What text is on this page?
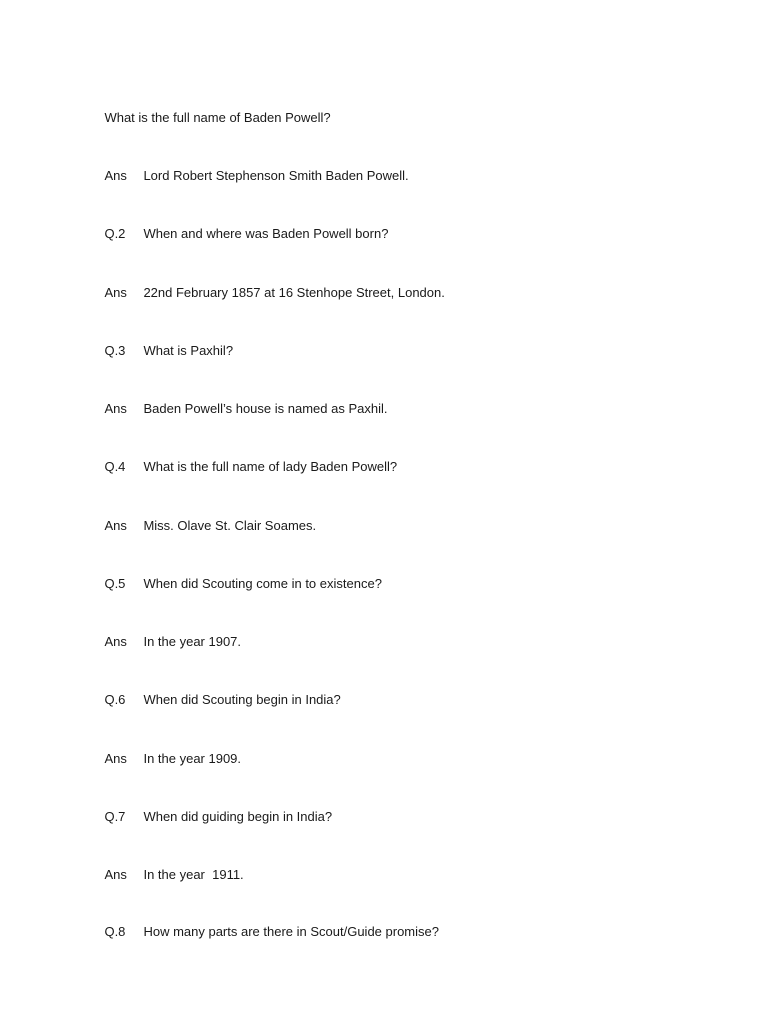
What is the full name of Baden Powell?

Ans Lord Robert Stephenson Smith Baden Powell.

Q.2 When and where was Baden Powell born?

Ans 22nd February 1857 at 16 Stenhope Street, London.

Q.3 What is Paxhil?

Ans Baden Powell’s house is named as Paxhil.

Q.4 What is the full name of lady Baden Powell?

Ans Miss. Olave St. Clair Soames.

Q.5 When did Scouting come in to existence?

Ans In the year 1907.

Q.6 When did Scouting begin in India?

Ans In the year 1909.

Q.7 When did guiding begin in India?

Ans In the year  1911.

Q.8 How many parts are there in Scout/Guide promise?
